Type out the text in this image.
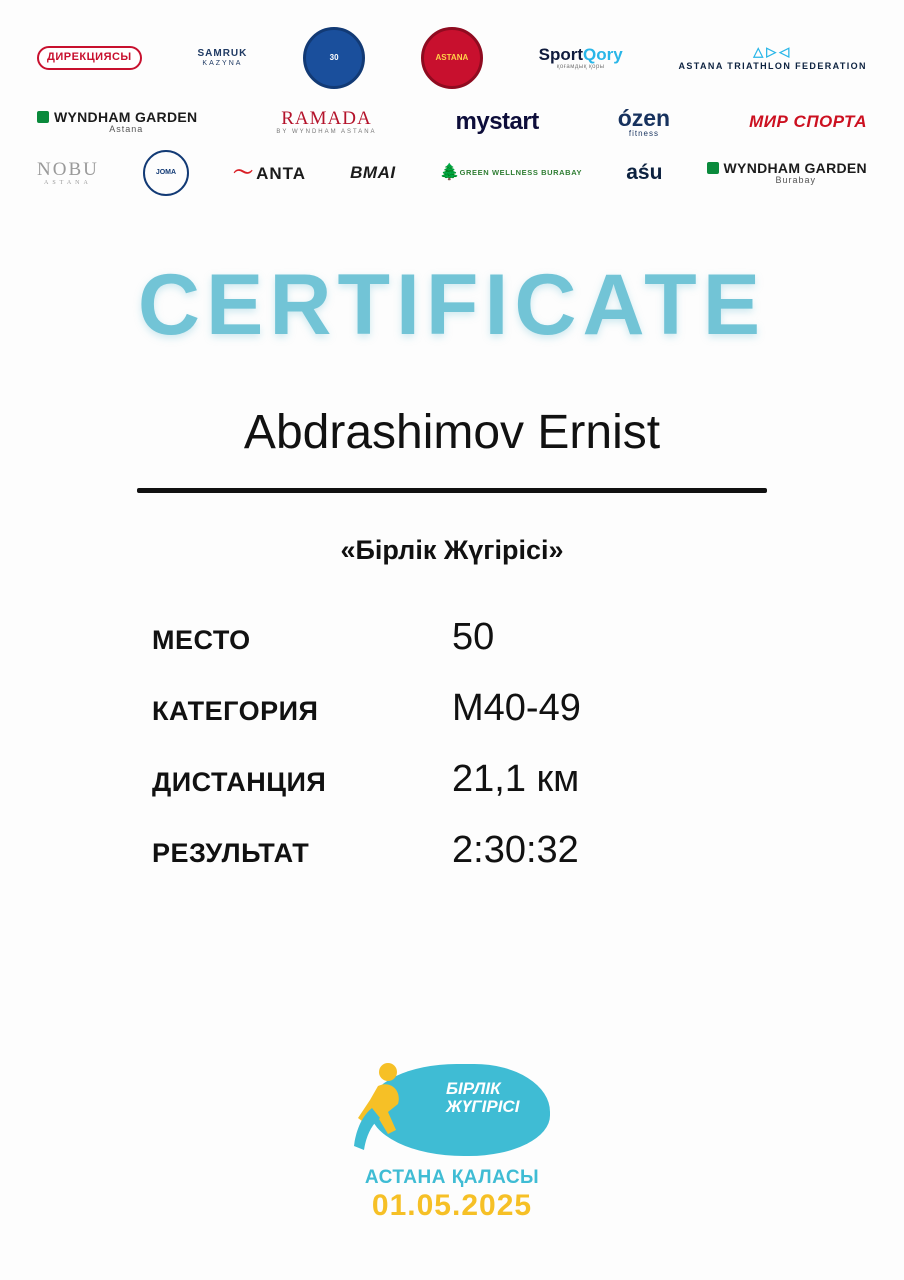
ДИРЕКЦИЯСЫ	SAMRUK
KAZYNA
30	ASTANA	SportQory
қоғамдық қоры
△▷◁
ASTANA TRIATHLON FEDERATION
WYNDHAM GARDEN
Astana	RAMADA
BY WYNDHAM ASTANA	mystart	ózen
fitness
МИР СПОРТА
NOBU
ASTANA
JOMA	〜 ANTA	BMAI	🌲 GREEN WELLNESS BURABAY aśu	WYNDHAM GARDEN
Burabay
CERTIFICATE
Abdrashimov Ernist
«Бірлік Жүгірісі»
МЕСТО	50
КАТЕГОРИЯ	M40-49
ДИСТАНЦИЯ	21,1 км
РЕЗУЛЬТАТ	2:30:32
БІРЛІК
ЖҮГІРІСІ
АСТАНА ҚАЛАСЫ
01.05.2025
